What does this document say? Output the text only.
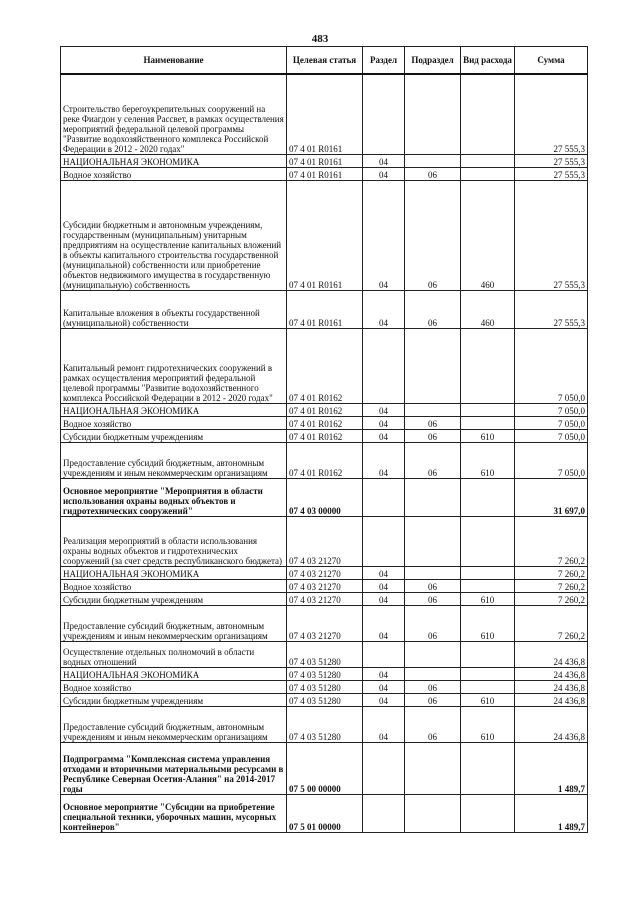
483
Наименование	Целевая статья	Раздел	Подраздел	Вид расхода	Сумма
Строительство берегоукрепительных сооружений на реке Фиагдон у селения Рассвет, в рамках осуществления мероприятий федеральной целевой программы "Развитие водохозяйственного комплекса Российской Федерации в 2012 - 2020 годах"	07 4 01 R0161				27 555,3
НАЦИОНАЛЬНАЯ ЭКОНОМИКА	07 4 01 R0161	04			27 555,3
Водное хозяйство	07 4 01 R0161	04	06		27 555,3
Субсидии бюджетным и автономным учреждениям, государственным (муниципальным) унитарным предприятиям на осуществление капитальных вложений в объекты капитального строительства государственной (муниципальной) собственности или приобретение объектов недвижимого имущества в государственную (муниципальную) собственность	07 4 01 R0161	04	06	460	27 555,3
Капитальные вложения в объекты государственной (муниципальной) собственности	07 4 01 R0161	04	06	460	27 555,3
Капитальный ремонт гидротехнических сооружений в рамках осуществления мероприятий федеральной целевой программы "Развитие водохозяйственного комплекса Российской Федерации в 2012 - 2020 годах"	07 4 01 R0162				7 050,0
НАЦИОНАЛЬНАЯ ЭКОНОМИКА	07 4 01 R0162	04			7 050,0
Водное хозяйство	07 4 01 R0162	04	06		7 050,0
Субсидии бюджетным учреждениям	07 4 01 R0162	04	06	610	7 050,0
Предоставление субсидий бюджетным, автономным учреждениям и иным некоммерческим организациям	07 4 01 R0162	04	06	610	7 050,0
Основное мероприятие "Мероприятия в области использования охраны водных объектов и гидротехнических сооружений"	07 4 03 00000				31 697,0
Реализация мероприятий в области использования охраны водных объектов и гидротехнических сооружений (за счет средств республиканского бюджета)	07 4 03 21270				7 260,2
НАЦИОНАЛЬНАЯ ЭКОНОМИКА	07 4 03 21270	04			7 260,2
Водное хозяйство	07 4 03 21270	04	06		7 260,2
Субсидии бюджетным учреждениям	07 4 03 21270	04	06	610	7 260,2
Предоставление субсидий бюджетным, автономным учреждениям и иным некоммерческим организациям	07 4 03 21270	04	06	610	7 260,2
Осуществление отдельных полномочий в области водных отношений	07 4 03 51280				24 436,8
НАЦИОНАЛЬНАЯ ЭКОНОМИКА	07 4 03 51280	04			24 436,8
Водное хозяйство	07 4 03 51280	04	06		24 436,8
Субсидии бюджетным учреждениям	07 4 03 51280	04	06	610	24 436,8
Предоставление субсидий бюджетным, автономным учреждениям и иным некоммерческим организациям	07 4 03 51280	04	06	610	24 436,8
Подпрограмма "Комплексная система управления отходами и вторичными материальными ресурсами в Республике Северная Осетия-Алания" на 2014-2017 годы	07 5 00 00000				1 489,7
Основное мероприятие "Субсидии на приобретение специальной техники, уборочных машин, мусорных контейнеров"	07 5 01 00000				1 489,7
